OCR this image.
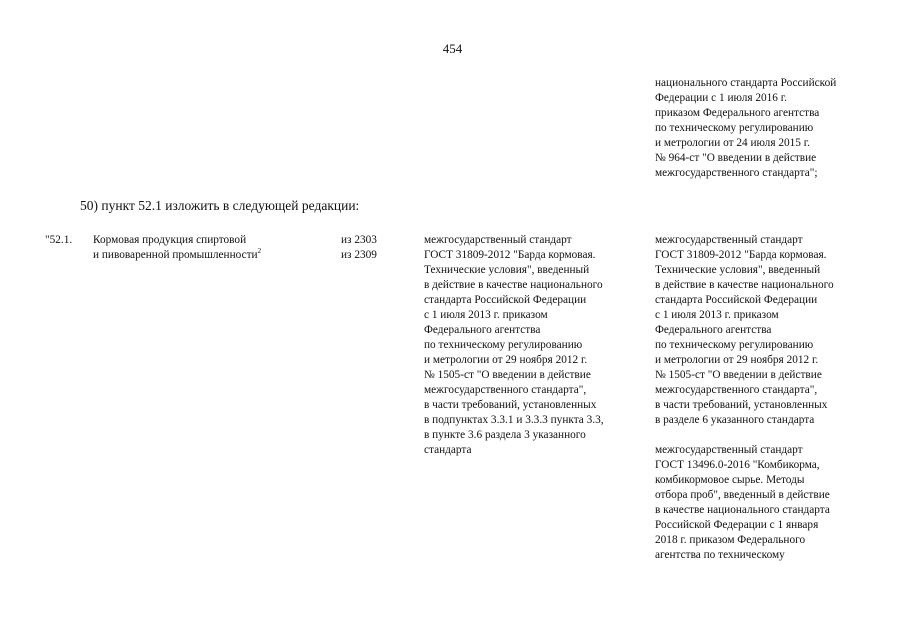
454
национального стандарта Российской
Федерации с 1 июля 2016 г.
приказом Федерального агентства
по техническому регулированию
и метрологии от 24 июля 2015 г.
№ 964-ст "О введении в действие
межгосударственного стандарта";
50) пункт 52.1 изложить в следующей редакции:
"52.1. Кормовая продукция спиртовой
и пивоваренной промышленности$^2$
из 2303
из 2309
межгосударственный стандарт
ГОСТ 31809-2012 "Барда кормовая.
Технические условия", введенный
в действие в качестве национального
стандарта Российской Федерации
с 1 июля 2013 г. приказом
Федерального агентства
по техническому регулированию
и метрологии от 29 ноября 2012 г.
№ 1505-ст "О введении в действие
межгосударственного стандарта",
в части требований, установленных
в подпунктах 3.3.1 и 3.3.3 пункта 3.3,
в пункте 3.6 раздела 3 указанного
стандарта
межгосударственный стандарт
ГОСТ 31809-2012 "Барда кормовая.
Технические условия", введенный
в действие в качестве национального
стандарта Российской Федерации
с 1 июля 2013 г. приказом
Федерального агентства
по техническому регулированию
и метрологии от 29 ноября 2012 г.
№ 1505-ст "О введении в действие
межгосударственного стандарта",
в части требований, установленных
в разделе 6 указанного стандарта
межгосударственный стандарт
ГОСТ 13496.0-2016 "Комбикорма,
комбикормовое сырье. Методы
отбора проб", введенный в действие
в качестве национального стандарта
Российской Федерации с 1 января
2018 г. приказом Федерального
агентства по техническому
